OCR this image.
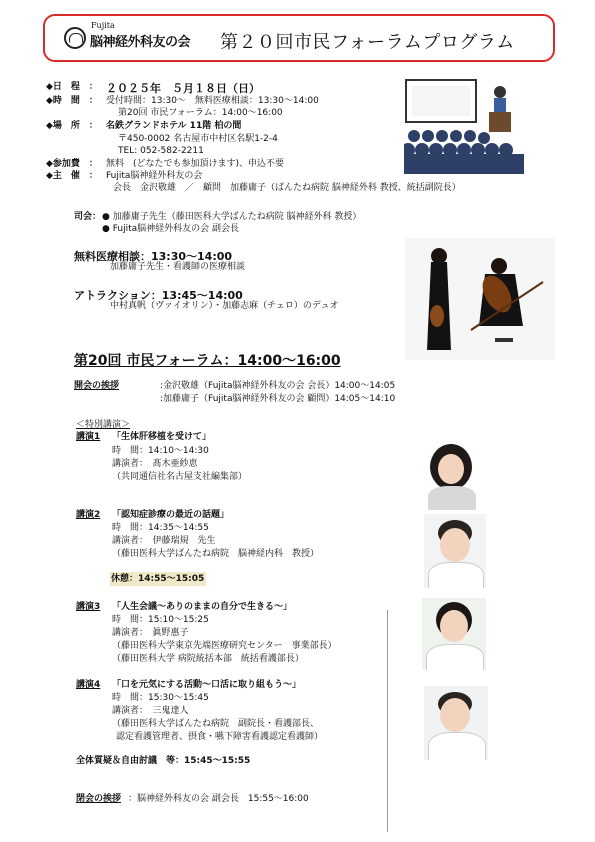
Fujita
脳神経外科友の会 第２０回市民フォーラムプログラム
◆日　程　： ２０２５年　５月１８日（日）
◆時　間　： 受付時間：13:30～　無料医療相談：13:30～14:00
第20回 市民フォーラム：14:00～16:00
◆場　所　： 名鉄グランドホテル 11階 柏の間
〒450-0002 名古屋市中村区名駅1-2-4
TEL: 052-582-2211
◆参加費　： 無料　(どなたでも参加頂けます)、申込不要
◆主　催　： Fujita脳神経外科友の会
会長　金沢敬雄　／　顧問　加藤庸子（ばんたね病院 脳神経外科 教授、統括副院長）
司会： ● 加藤庸子先生（藤田医科大学ばんたね病院 脳神経外科 教授）
● Fujita脳神経外科友の会 副会長
無料医療相談：13:30～14:00
加藤庸子先生・看護師の医療相談
アトラクション：13:45～14:00
中村真帆（ヴァイオリン）・加藤志麻（チェロ）のデュオ
第20回 市民フォーラム：14:00～16:00
開会の挨拶	:金沢敬雄（Fujita脳神経外科友の会 会長）14:00～14:05
:加藤庸子（Fujita脳神経外科友の会 顧問）14:05～14:10
＜特別講演＞
講演1 「生体肝移植を受けて」
時　間：14:10～14:30
講演者：　髙木亜紗恵
（共同通信社名古屋支社編集部）
講演2 「認知症診療の最近の話題」
時　間：14:35～14:55
講演者：　伊藤瑞規　先生
（藤田医科大学ばんたね病院　脳神経内科　教授）
休憩：14:55～15:05
講演3 「人生会議～ありのままの自分で生きる～」
時　間：15:10～15:25
講演者：　眞野惠子
（藤田医科大学東京先端医療研究センター　事業部長）
（藤田医科大学 病院統括本部　統括看護部長）
講演4 「口を元気にする活動～口活に取り組もう～」
時　間：15:30～15:45
講演者：　三鬼達人
（藤田医科大学ばんたね病院　副院長・看護部長、
認定看護管理者、摂食・嚥下障害看護認定看護師）
全体質疑＆自由討議　等：15:45～15:55
閉会の挨拶 ：脳神経外科友の会 副会長　15:55～16:00
